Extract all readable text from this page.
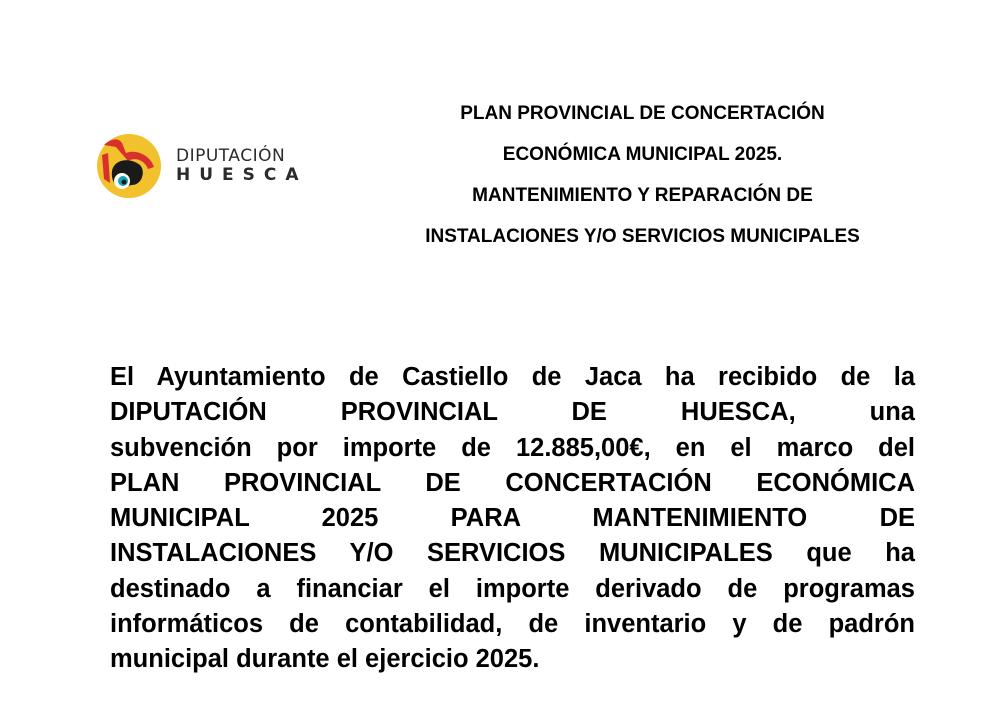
DIPUTACIÓN
HUESCA
PLAN PROVINCIAL DE CONCERTACIÓN
ECONÓMICA MUNICIPAL 2025.
MANTENIMIENTO Y REPARACIÓN DE
INSTALACIONES Y/O SERVICIOS MUNICIPALES
El Ayuntamiento de Castiello de Jaca ha recibido de la
DIPUTACIÓN PROVINCIAL DE HUESCA, una
subvención por importe de 12.885,00€, en el marco del
PLAN PROVINCIAL DE CONCERTACIÓN ECONÓMICA
MUNICIPAL 2025 PARA MANTENIMIENTO DE
INSTALACIONES Y/O SERVICIOS MUNICIPALES que ha
destinado a financiar el importe derivado de programas
informáticos de contabilidad, de inventario y de padrón
municipal durante el ejercicio 2025.
